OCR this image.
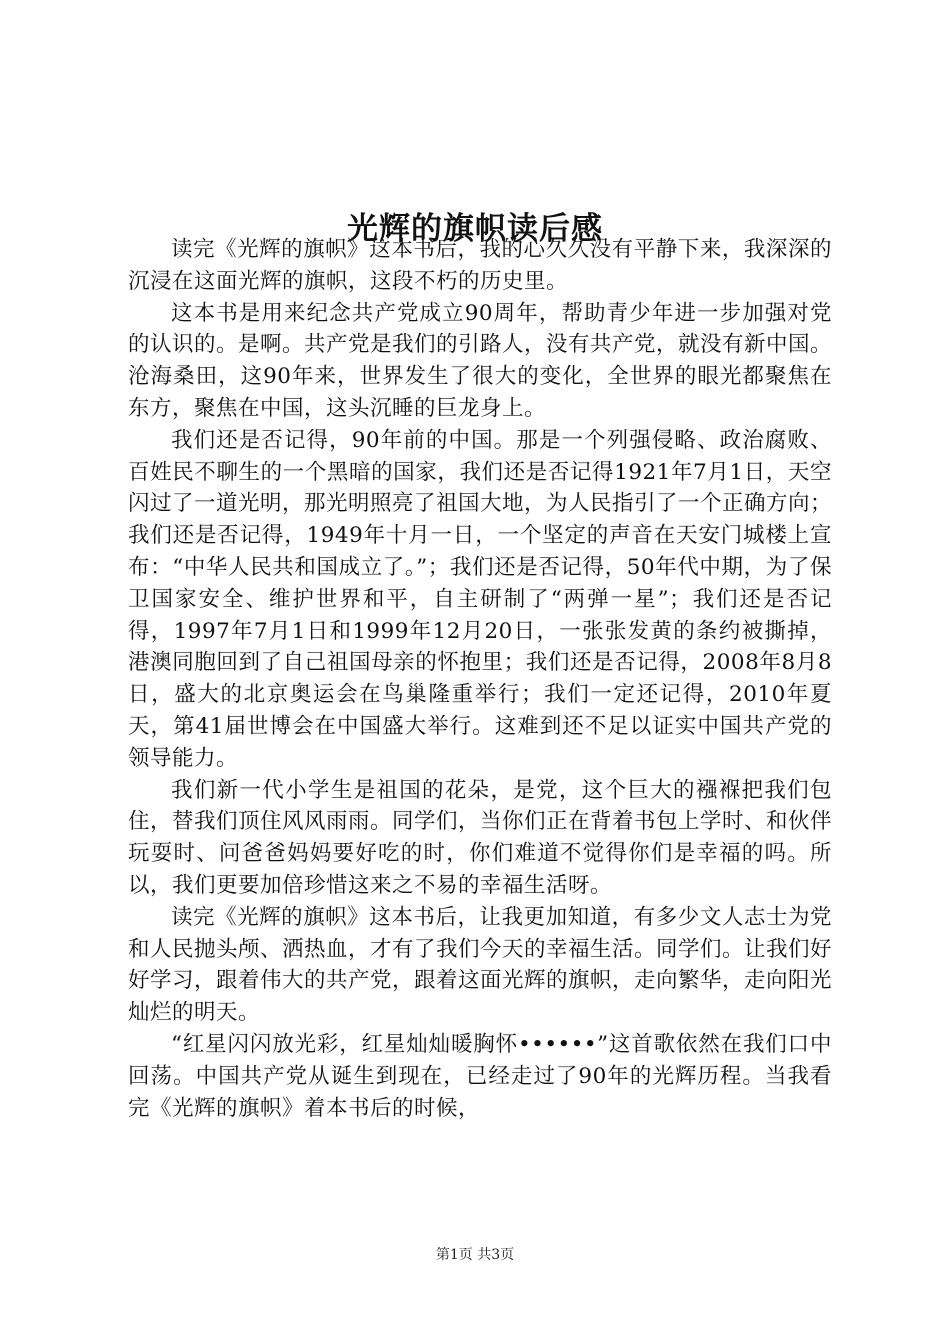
光辉的旗帜读后感

读完《光辉的旗帜》这本书后，我的心久久没有平静下来，我深深的沉浸在这面光辉的旗帜，这段不朽的历史里。

这本书是用来纪念共产党成立90周年，帮助青少年进一步加强对党的认识的。是啊。共产党是我们的引路人，没有共产党，就没有新中国。沧海桑田，这90年来，世界发生了很大的变化，全世界的眼光都聚焦在东方，聚焦在中国，这头沉睡的巨龙身上。

我们还是否记得，90年前的中国。那是一个列强侵略、政治腐败、百姓民不聊生的一个黑暗的国家，我们还是否记得1921年7月1日，天空闪过了一道光明，那光明照亮了祖国大地，为人民指引了一个正确方向；我们还是否记得，1949年十月一日，一个坚定的声音在天安门城楼上宣布：“中华人民共和国成立了。”；我们还是否记得，50年代中期，为了保卫国家安全、维护世界和平，自主研制了“两弹一星”；我们还是否记得，1997年7月1日和1999年12月20日，一张张发黄的条约被撕掉，港澳同胞回到了自己祖国母亲的怀抱里；我们还是否记得，2008年8月8日，盛大的北京奥运会在鸟巢隆重举行；我们一定还记得，2010年夏天，第41届世博会在中国盛大举行。这难到还不足以证实中国共产党的领导能力。

我们新一代小学生是祖国的花朵，是党，这个巨大的襁褓把我们包住，替我们顶住风风雨雨。同学们，当你们正在背着书包上学时、和伙伴玩耍时、问爸爸妈妈要好吃的时，你们难道不觉得你们是幸福的吗。所以，我们更要加倍珍惜这来之不易的幸福生活呀。

读完《光辉的旗帜》这本书后，让我更加知道，有多少文人志士为党和人民抛头颅、洒热血，才有了我们今天的幸福生活。同学们。让我们好好学习，跟着伟大的共产党，跟着这面光辉的旗帜，走向繁华，走向阳光灿烂的明天。

“红星闪闪放光彩，红星灿灿暖胸怀••••••”这首歌依然在我们口中回荡。中国共产党从诞生到现在，已经走过了90年的光辉历程。当我看完《光辉的旗帜》着本书后的时候，

第1页 共3页
